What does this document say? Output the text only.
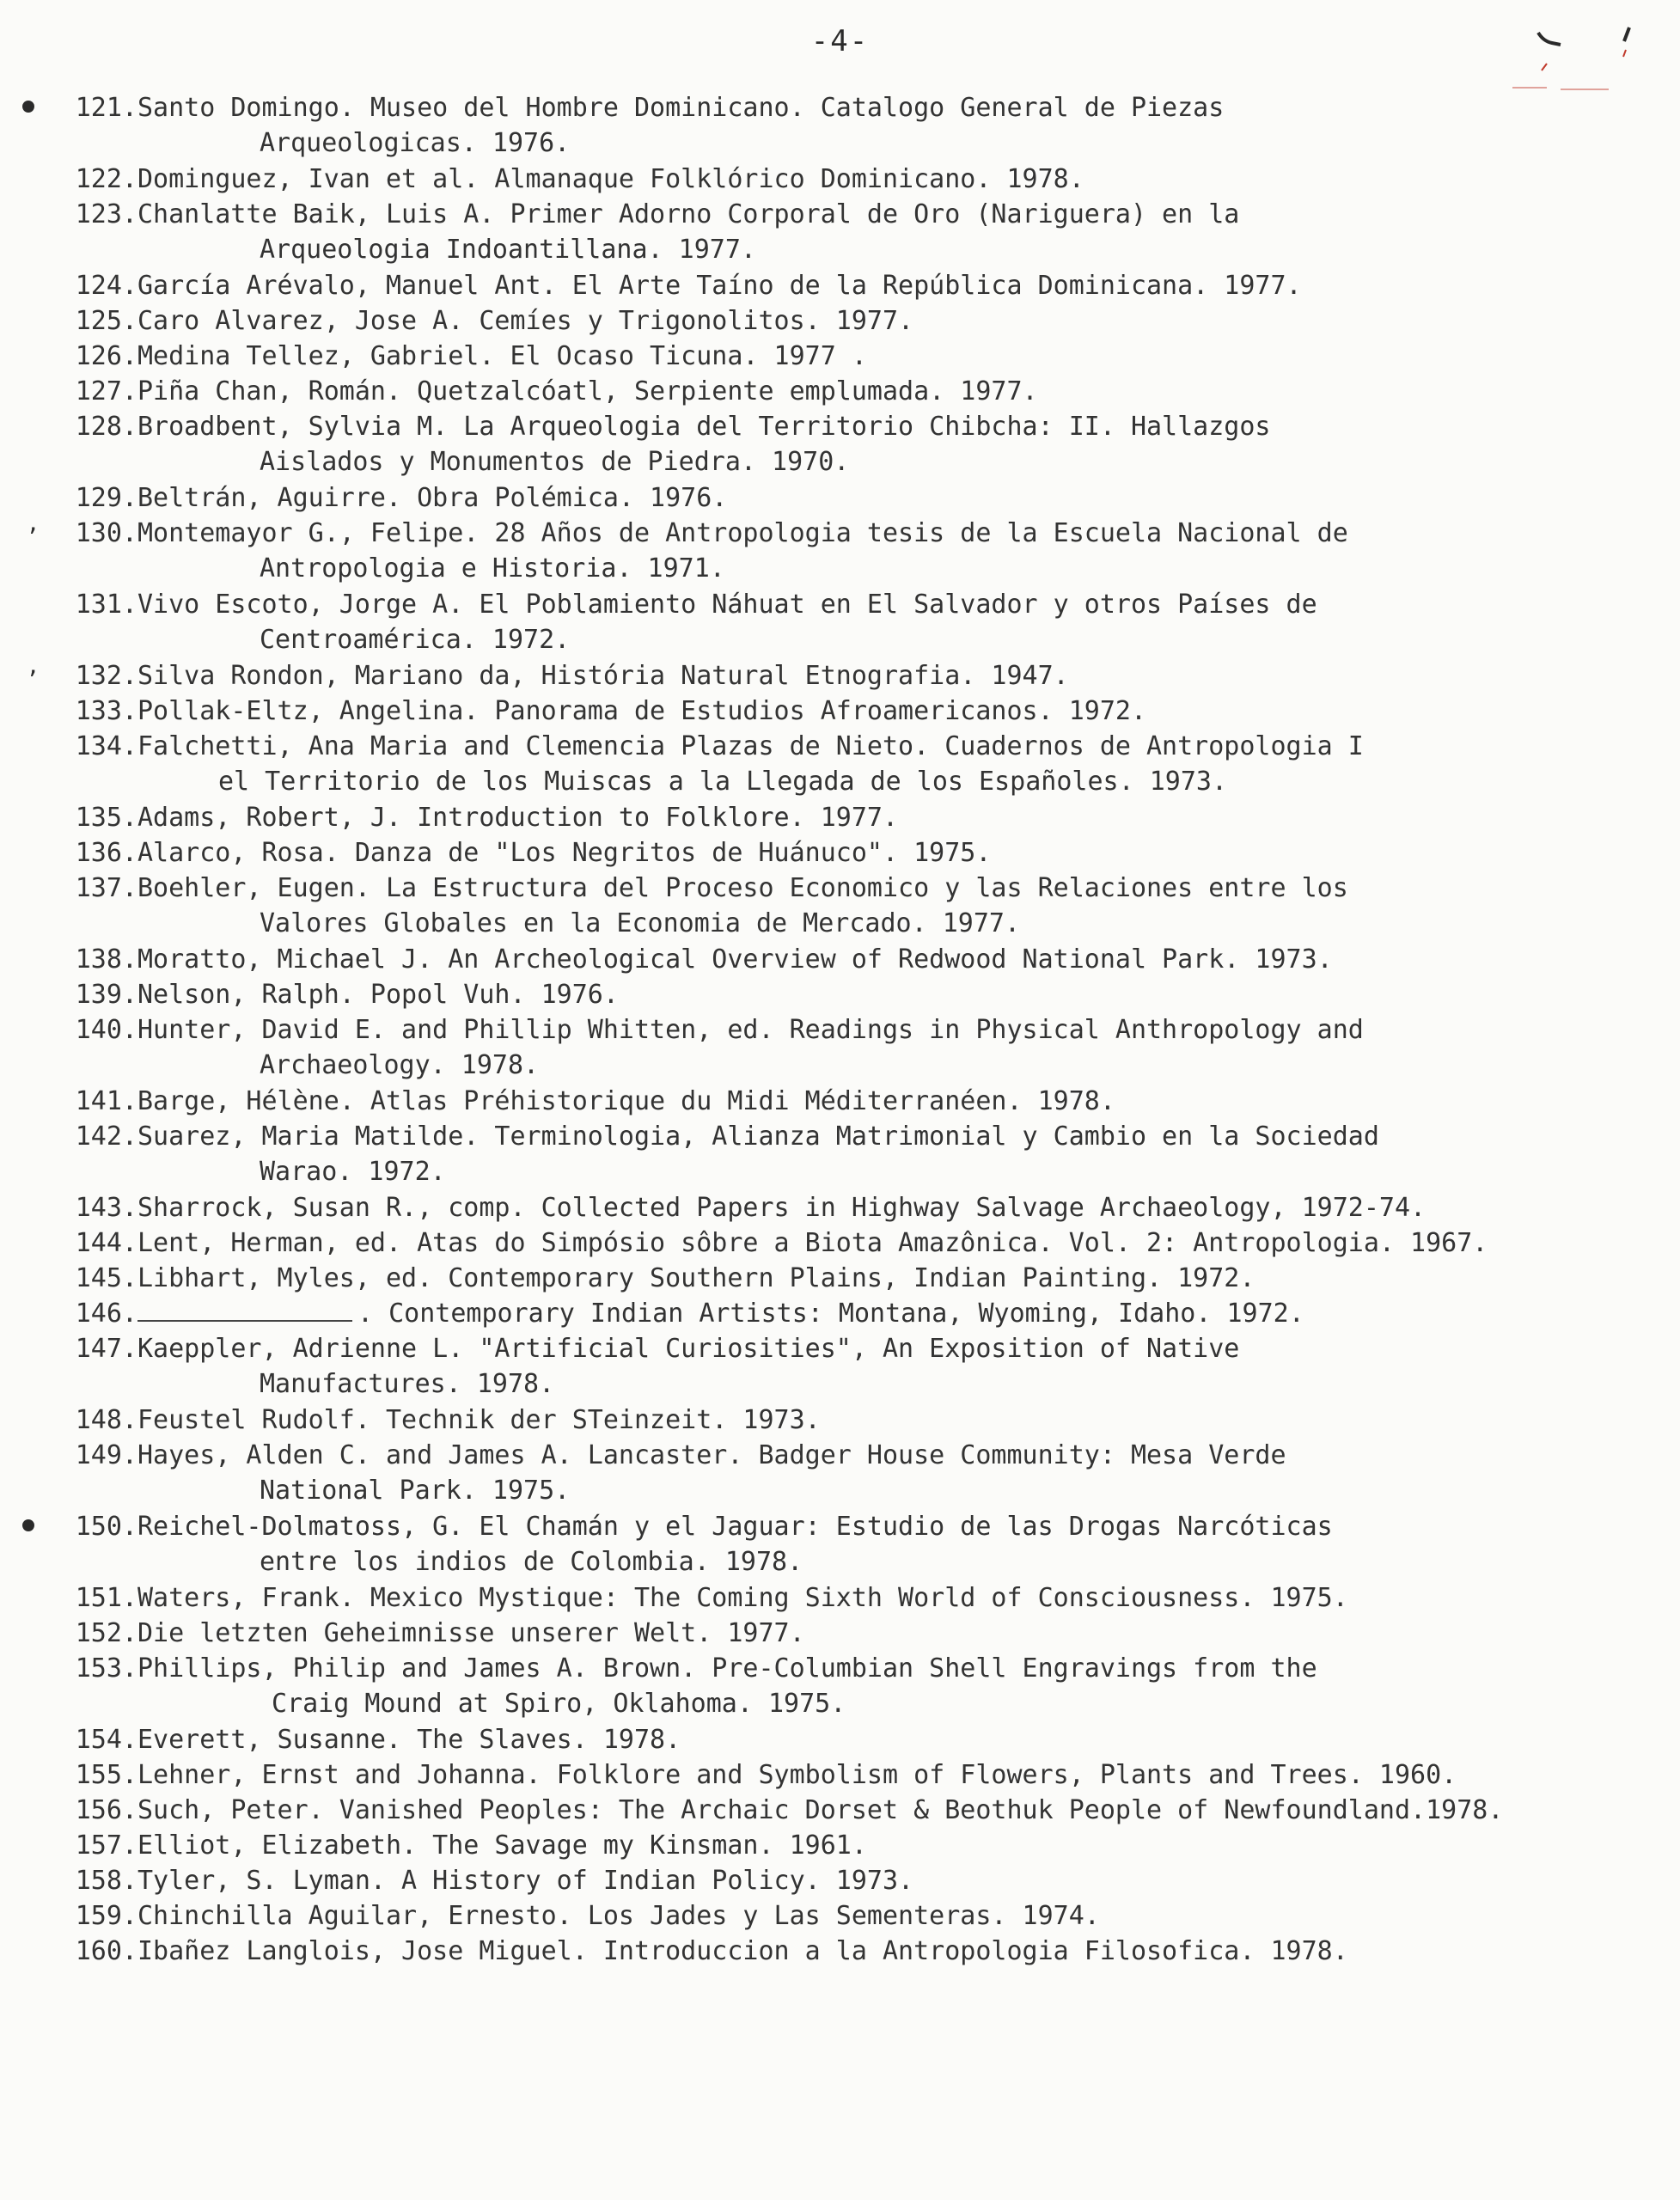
-4-
121. Santo Domingo. Museo del Hombre Dominicano. Catalogo General de Piezas
Arqueologicas. 1976.
122. Dominguez, Ivan et al. Almanaque Folklórico Dominicano. 1978.
123. Chanlatte Baik, Luis A. Primer Adorno Corporal de Oro (Nariguera) en la
Arqueologia Indoantillana. 1977.
124. García Arévalo, Manuel Ant. El Arte Taíno de la República Dominicana. 1977.
125. Caro Alvarez, Jose A. Cemíes y Trigonolitos. 1977.
126. Medina Tellez, Gabriel. El Ocaso Ticuna. 1977 .
127. Piña Chan, Román. Quetzalcóatl, Serpiente emplumada. 1977.
128. Broadbent, Sylvia M. La Arqueologia del Territorio Chibcha: II. Hallazgos
Aislados y Monumentos de Piedra. 1970.
129. Beltrán, Aguirre. Obra Polémica. 1976.
’	130. Montemayor G., Felipe. 28 Años de Antropologia tesis de la Escuela Nacional de
Antropologia e Historia. 1971.
131. Vivo Escoto, Jorge A. El Poblamiento Náhuat en El Salvador y otros Países de
Centroamérica. 1972.
’	132. Silva Rondon, Mariano da, História Natural Etnografia. 1947.
133. Pollak-Eltz, Angelina. Panorama de Estudios Afroamericanos. 1972.
134. Falchetti, Ana Maria and Clemencia Plazas de Nieto. Cuadernos de Antropologia I
el Territorio de los Muiscas a la Llegada de los Españoles. 1973.
135. Adams, Robert, J. Introduction to Folklore. 1977.
136. Alarco, Rosa. Danza de "Los Negritos de Huánuco". 1975.
137. Boehler, Eugen. La Estructura del Proceso Economico y las Relaciones entre los
Valores Globales en la Economia de Mercado. 1977.
138. Moratto, Michael J. An Archeological Overview of Redwood National Park. 1973.
139. Nelson, Ralph. Popol Vuh. 1976.
140. Hunter, David E. and Phillip Whitten, ed. Readings in Physical Anthropology and
Archaeology. 1978.
141. Barge, Hélène. Atlas Préhistorique du Midi Méditerranéen. 1978.
142. Suarez, Maria Matilde. Terminologia, Alianza Matrimonial y Cambio en la Sociedad
Warao. 1972.
143. Sharrock, Susan R., comp. Collected Papers in Highway Salvage Archaeology, 1972-74.
144. Lent, Herman, ed. Atas do Simpósio sôbre a Biota Amazônica. Vol. 2: Antropologia. 1967.
145. Libhart, Myles, ed. Contemporary Southern Plains, Indian Painting. 1972.
146.	. Contemporary Indian Artists: Montana, Wyoming, Idaho. 1972.
147. Kaeppler, Adrienne L. "Artificial Curiosities", An Exposition of Native
Manufactures. 1978.
148. Feustel Rudolf. Technik der STeinzeit. 1973.
149. Hayes, Alden C. and James A. Lancaster. Badger House Community: Mesa Verde
National Park. 1975.
150. Reichel-Dolmatoss, G. El Chamán y el Jaguar: Estudio de las Drogas Narcóticas
entre los indios de Colombia. 1978.
151. Waters, Frank. Mexico Mystique: The Coming Sixth World of Consciousness. 1975.
152. Die letzten Geheimnisse unserer Welt. 1977.
153. Phillips, Philip and James A. Brown. Pre-Columbian Shell Engravings from the
Craig Mound at Spiro, Oklahoma. 1975.
154. Everett, Susanne. The Slaves. 1978.
155. Lehner, Ernst and Johanna. Folklore and Symbolism of Flowers, Plants and Trees. 1960.
156. Such, Peter. Vanished Peoples: The Archaic Dorset & Beothuk People of Newfoundland.1978.
157. Elliot, Elizabeth. The Savage my Kinsman. 1961.
158. Tyler, S. Lyman. A History of Indian Policy. 1973.
159. Chinchilla Aguilar, Ernesto. Los Jades y Las Sementeras. 1974.
160. Ibañez Langlois, Jose Miguel. Introduccion a la Antropologia Filosofica. 1978.
